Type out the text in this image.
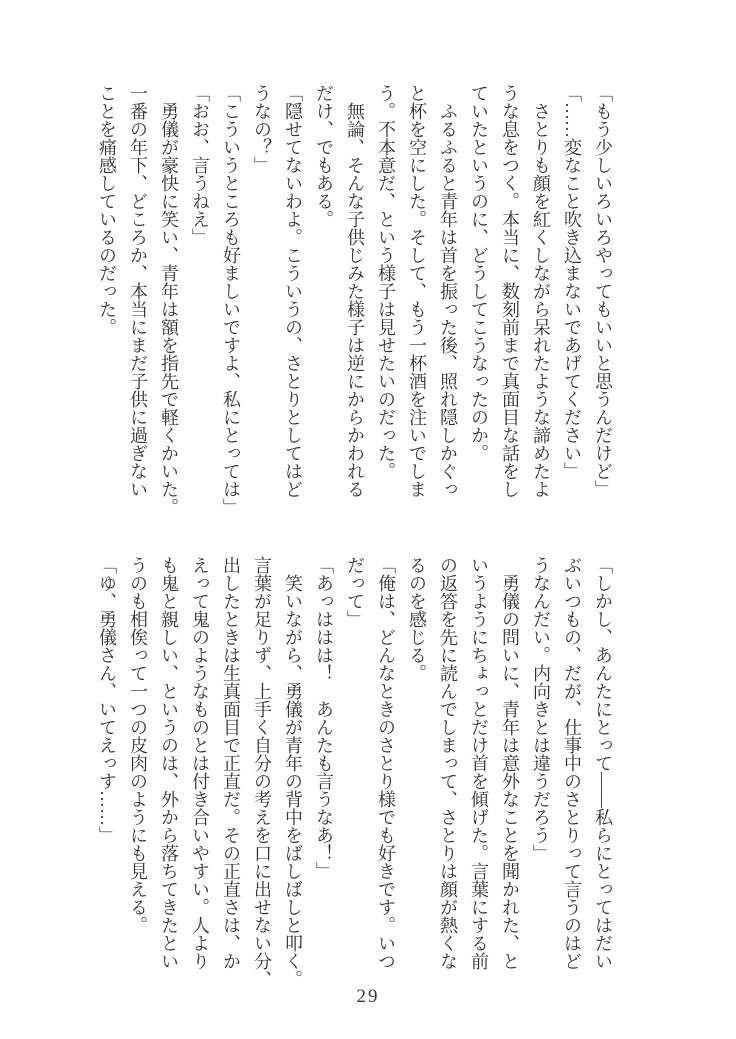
「もう少しいろいろやってもいいと思うんだけど」

「……変なこと吹き込まないであげてください」

　さとりも顔を紅くしながら呆れたような諦めたよ

うな息をつく。本当に、数刻前まで真面目な話をし

ていたというのに、どうしてこうなったのか。

　ふるふると青年は首を振った後、照れ隠しかぐっ

と杯を空にした。そして、もう一杯酒を注いでしま

う。不本意だ、という様子は見せたいのだった。

　無論、そんな子供じみた様子は逆にからかわれる

だけ、でもある。

「隠せてないわよ。こういうの、さとりとしてはど

うなの？」

「こういうところも好ましいですよ、私にとっては」

「おお、言うねえ」

　勇儀が豪快に笑い、青年は額を指先で軽くかいた。

一番の年下、どころか、本当にまだ子供に過ぎない

ことを痛感しているのだった。

「しかし、あんたにとって――私らにとってはだい

ぶいつもの、だが、仕事中のさとりって言うのはど

うなんだい。内向きとは違うだろう」

　勇儀の問いに、青年は意外なことを聞かれた、と

いうようにちょっとだけ首を傾げた。言葉にする前

の返答を先に読んでしまって、さとりは顔が熱くな

るのを感じる。

「俺は、どんなときのさとり様でも好きです。いつ

だって」

「あっははは！　あんたも言うなあ！」

　笑いながら、勇儀が青年の背中をばしばしと叩く。

言葉が足りず、上手く自分の考えを口に出せない分、

出したときは生真面目で正直だ。その正直さは、か

えって鬼のようなものとは付き合いやすい。人より

も鬼と親しい、というのは、外から落ちてきたとい

うのも相俟って一つの皮肉のようにも見える。

「ゆ、勇儀さん、いてえっす……」

29
